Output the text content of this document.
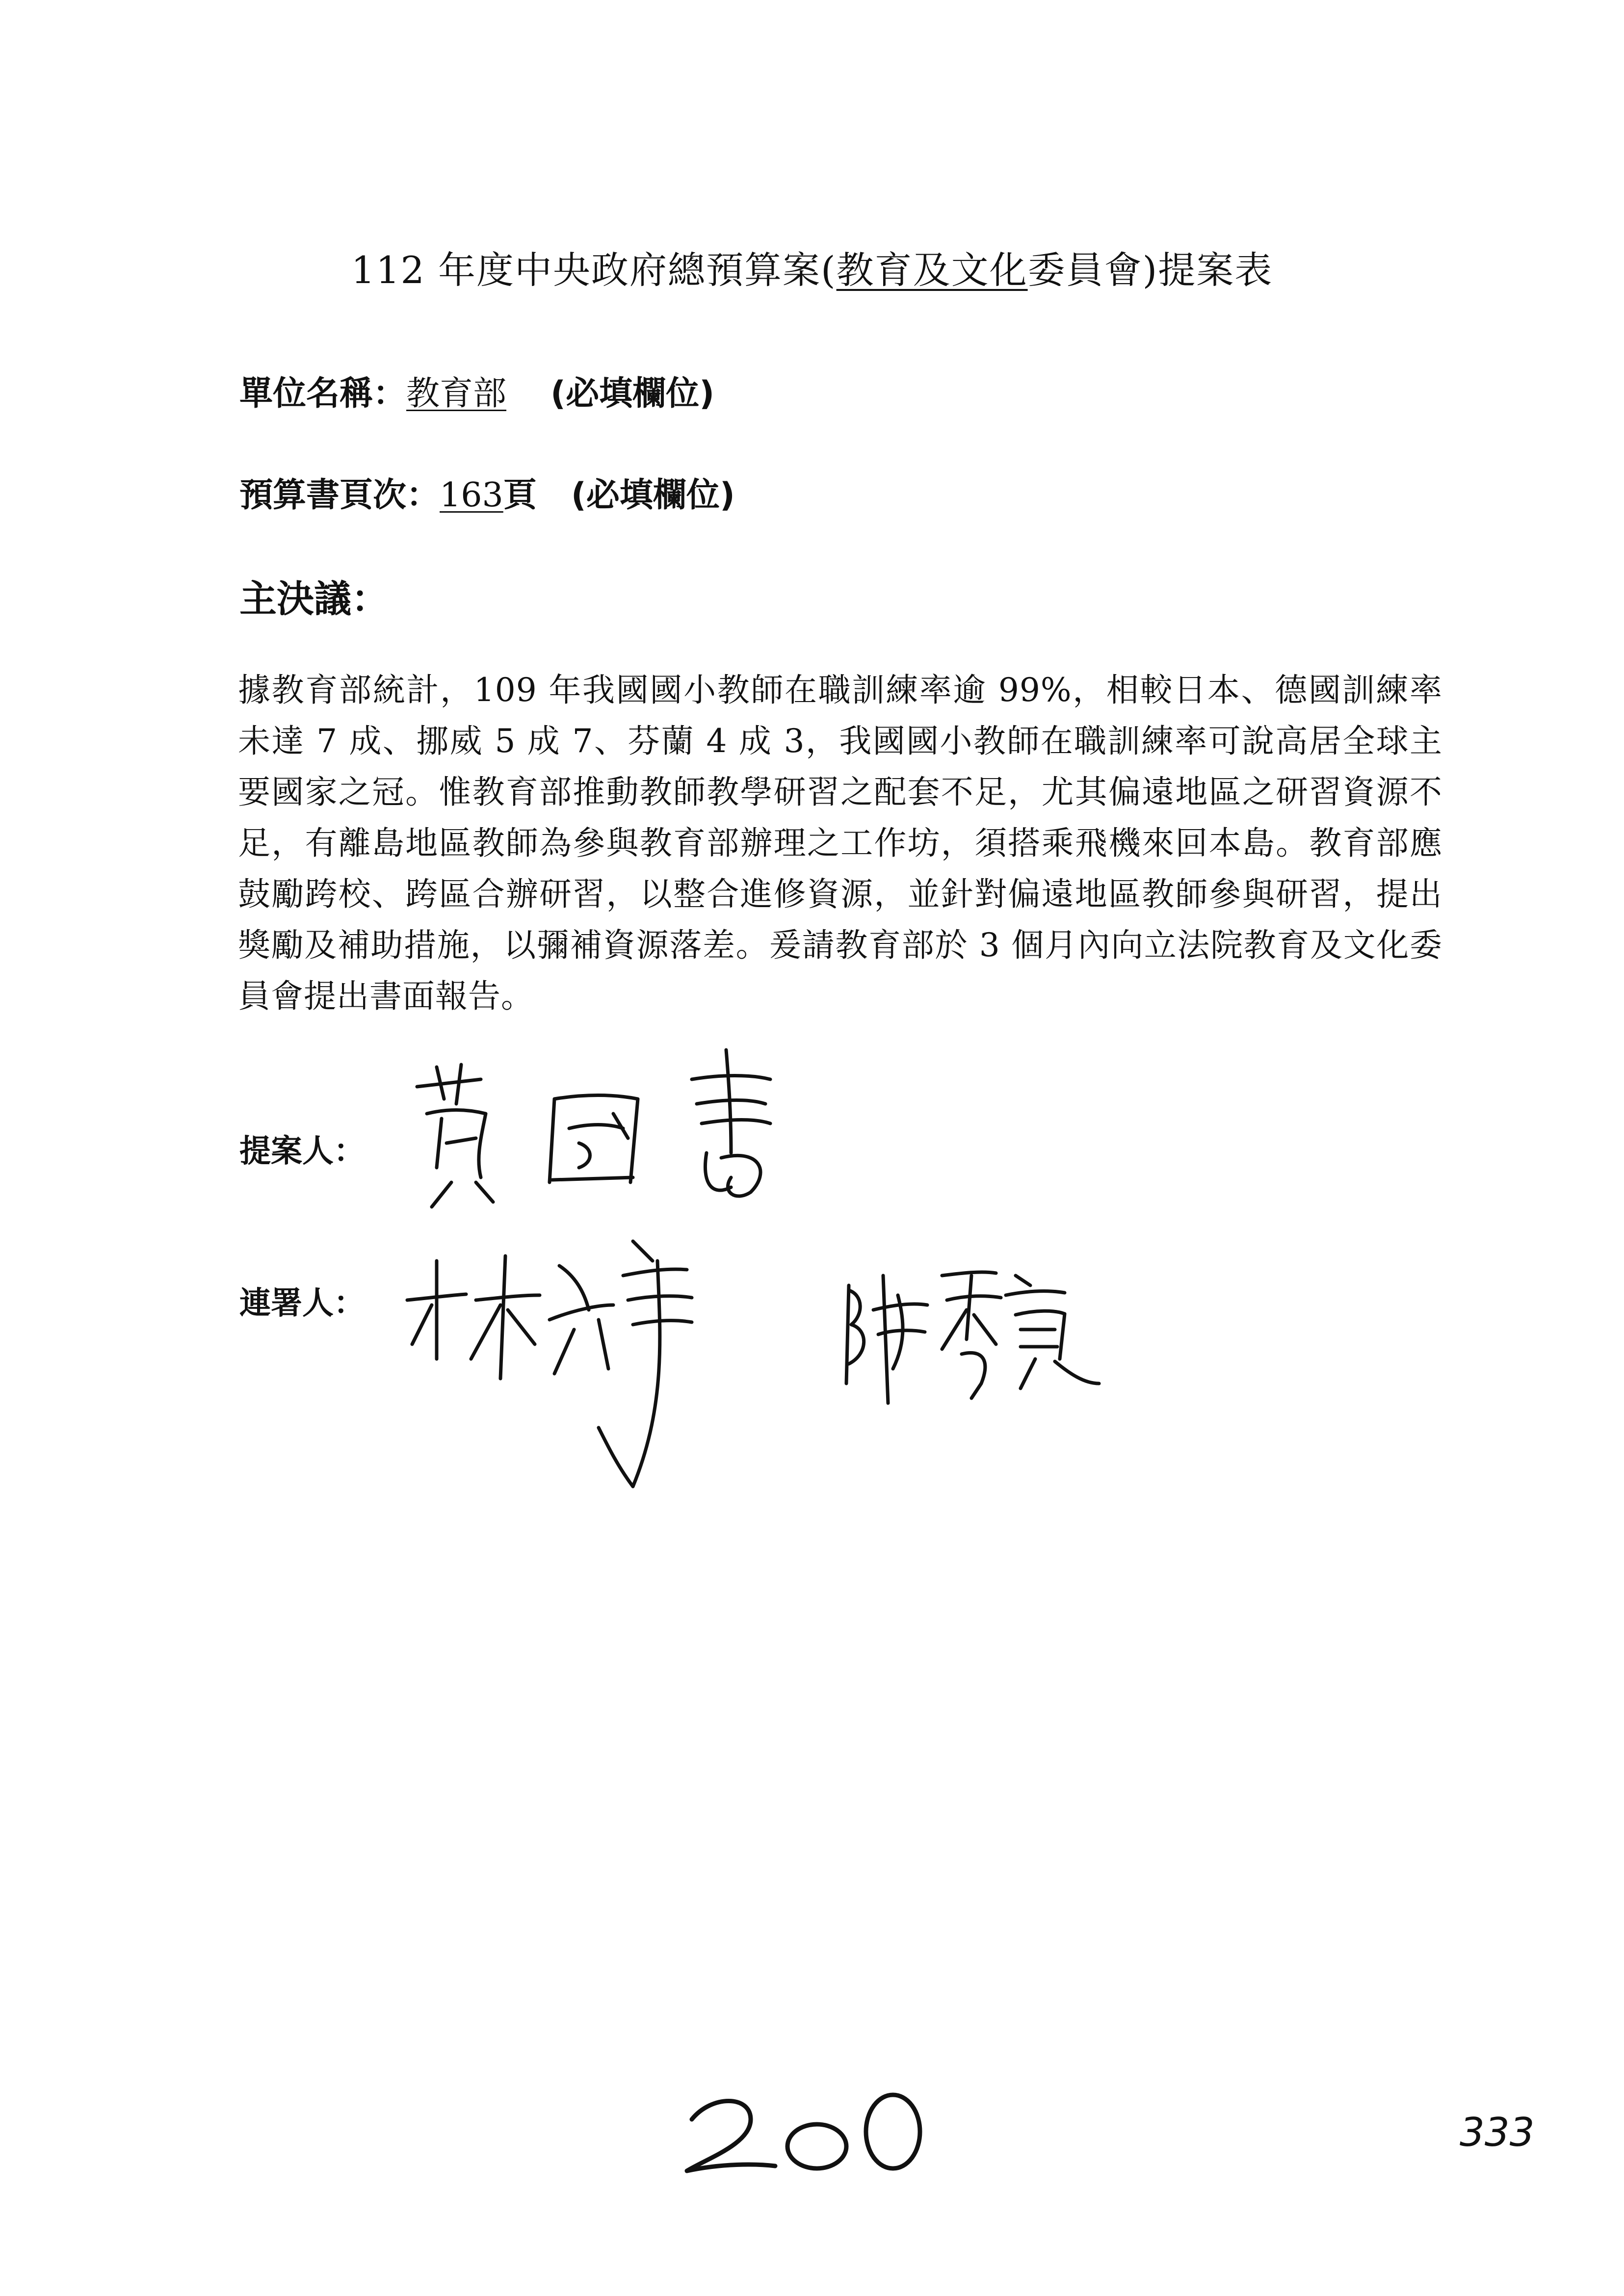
112 年度中央政府總預算案(教育及文化委員會)提案表
單位名稱：教育部 (必填欄位)
預算書頁次：163頁 (必填欄位)
主決議：
據教育部統計，109 年我國國小教師在職訓練率逾 99%，相較日本、德國訓練率未達 7 成、挪威 5 成 7、芬蘭 4 成 3，我國國小教師在職訓練率可說高居全球主要國家之冠。惟教育部推動教師教學研習之配套不足，尤其偏遠地區之研習資源不足，有離島地區教師為參與教育部辦理之工作坊，須搭乘飛機來回本島。教育部應鼓勵跨校、跨區合辦研習，以整合進修資源，並針對偏遠地區教師參與研習，提出獎勵及補助措施，以彌補資源落差。爰請教育部於 3 個月內向立法院教育及文化委員會提出書面報告。
提案人：
連署人：
333
